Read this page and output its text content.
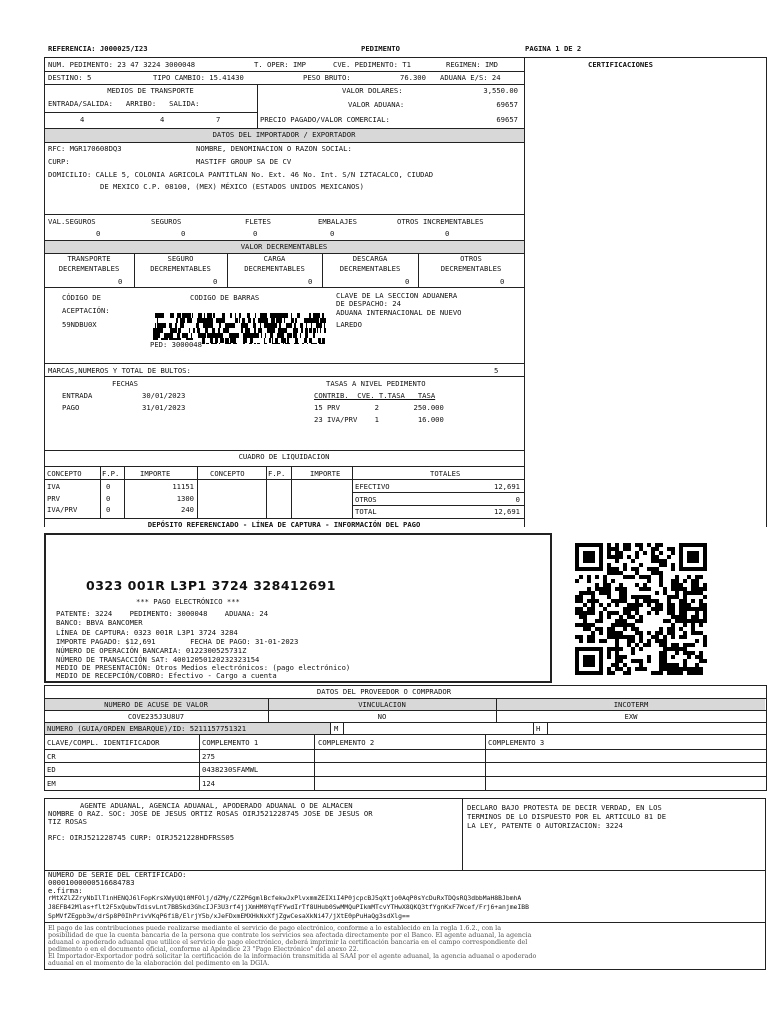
REFERENCIA: J000025/I23	PEDIMENTO	PAGINA 1 DE 2
NUM. PEDIMENTO: 23 47 3224 3000048	T. OPER: IMP	CVE. PEDIMENTO: T1	REGIMEN: IMD	CERTIFICACIONES
DESTINO: 5	TIPO CAMBIO: 15.41430	PESO BRUTO:	76.300 ADUANA E/S: 24
MEDIOS DE TRANSPORTE
ENTRADA/SALIDA:   ARRIBO:   SALIDA:
4	4	7
VALOR DOLARES:	3,550.00
VALOR ADUANA:	69657
PRECIO PAGADO/VALOR COMERCIAL:	69657
DATOS DEL IMPORTADOR / EXPORTADOR
RFC: MGR170608DQ3	NOMBRE, DENOMINACION O RAZON SOCIAL:
CURP:	MASTIFF GROUP SA DE CV
DOMICILIO: CALLE 5, COLONIA AGRICOLA PANTITLAN No. Ext. 46 No. Int. S/N IZTACALCO, CIUDAD
DE MEXICO C.P. 08100, (MEX) MÉXICO (ESTADOS UNIDOS MEXICANOS)
VAL.SEGUROS	SEGUROS	FLETES	EMBALAJES	OTROS INCREMENTABLES
0	0	0	0	0
VALOR DECREMENTABLES
TRANSPORTE	SEGURO	CARGA	DESCARGA	OTROS
DECREMENTABLES	DECREMENTABLES	DECREMENTABLES	DECREMENTABLES	DECREMENTABLES
0	0	0	0	0
CÓDIGO DE
ACEPTACIÓN:
59NDBU0X
CODIGO DE BARRAS

PED: 3000048
CLAVE DE LA SECCION ADUANERA
DE DESPACHO: 24
ADUANA INTERNACIONAL DE NUEVO
LAREDO
MARCAS,NUMEROS Y TOTAL DE BULTOS:	5
FECHAS
ENTRADA	30/01/2023
PAGO	31/01/2023
TASAS A NIVEL PEDIMENTO
CONTRIB.  CVE. T.TASA   TASA
15 PRV        2        250.000
23 IVA/PRV    1         16.000
CUADRO DE LIQUIDACION
CONCEPTO	F.P.	IMPORTE	CONCEPTO	F.P.	IMPORTE	TOTALES
IVA	0	11151
PRV	0	1300
IVA/PRV	0	240
EFECTIVO	12,691
OTROS	0
TOTAL	12,691
DEPÓSITO REFERENCIADO - LÍNEA DE CAPTURA - INFORMACIÓN DEL PAGO
0323 001R L3P1 3724 3284 12691
*** PAGO ELECTRÓNICO ***
PATENTE: 3224    PEDIMENTO: 3000048    ADUANA: 24
BANCO: BBVA BANCOMER
LÍNEA DE CAPTURA: 0323 001R L3P1 3724 3284
IMPORTE PAGADO: $12,691        FECHA DE PAGO: 31-01-2023
NÚMERO DE OPERACIÓN BANCARIA: 0122300525731Z
NÚMERO DE TRANSACCIÓN SAT: 40012050120232323154
MEDIO DE PRESENTACIÓN: Otros Medios electrónicos: (pago electrónico)
MEDIO DE RECEPCIÓN/COBRO: Efectivo - Cargo a cuenta

DATOS DEL PROVEEDOR O COMPRADOR
NUMERO DE ACUSE DE VALOR	VINCULACION	INCOTERM
COVE235J3U8U7	NO	EXW
NUMERO (GUIA/ORDEN EMBARQUE)/ID: 5211157751321	M	H
CLAVE/COMPL. IDENTIFICADOR	COMPLEMENTO 1	COMPLEMENTO 2	COMPLEMENTO 3
CR	275
ED	0438230SFAMWL
EM	124
AGENTE ADUANAL, AGENCIA ADUANAL, APODERADO ADUANAL O DE ALMACEN
NOMBRE O RAZ. SOC: JOSE DE JESUS ORTIZ ROSAS OIRJ521228745 JOSE DE JESUS OR
TIZ ROSAS
RFC: OIRJ521228745 CURP: OIRJ521228HDFRSS05
DECLARO BAJO PROTESTA DE DECIR VERDAD, EN LOS
TERMINOS DE LO DISPUESTO POR EL ARTICULO 81 DE
LA LEY, PATENTE O AUTORIZACION: 3224
NUMERO DE SERIE DEL CERTIFICADO:
00001000000516684783
e.firma:
rMtXZlZZryNbIlTinHENQJ6lFopKrsXWyUQi0MFOlj/dZMy/CZZP6gmlBcfekwJxPlvxmmZEIXiI4P0jcpcBJ5qXtjo0AqP0sYcDuRxTDQsRQ3dbbMaH8BJbmhA
J8EFB42Mlas+flt2F5xQubwTdisvLnt7BB5kd3GhcIJF3U3rf4jjXmHM0YqfFYwdIrTf8UHub0SwMMQuPIkmMTcvYTHwX8QKQ3tfYgnKxF7Wcef/Frj6+anjmeIBB
SpMVfZEgpb3w/drSp8P0IhPrivVKqP6fiB/ElrjY5b/xJeFDxmEMXHkNxXfjZgwCesaXkNi47/jXtE0pPuHaQg3sdXlg==
El pago de las contribuciones puede realizarse mediante el servicio de pago electrónico, conforme a lo establecido en la regla 1.6.2., con la
posibilidad de que la cuenta bancaria de la persona que contrate los servicios sea afectada directamente por el Banco. El agente aduanal, la agencia
aduanal o apoderado aduanal que utilice el servicio de pago electrónico, deberá imprimir la certificación bancaria en el campo correspondiente del
pedimento o en el documento oficial, conforme al Apéndice 23 "Pago Electrónico" del anexo 22.
El Importador-Exportador podrá solicitar la certificación de la información transmitida al SAAI por el agente aduanal, la agencia aduanal o apoderado
aduanal en el momento de la elaboración del pedimento en la DGIA.
